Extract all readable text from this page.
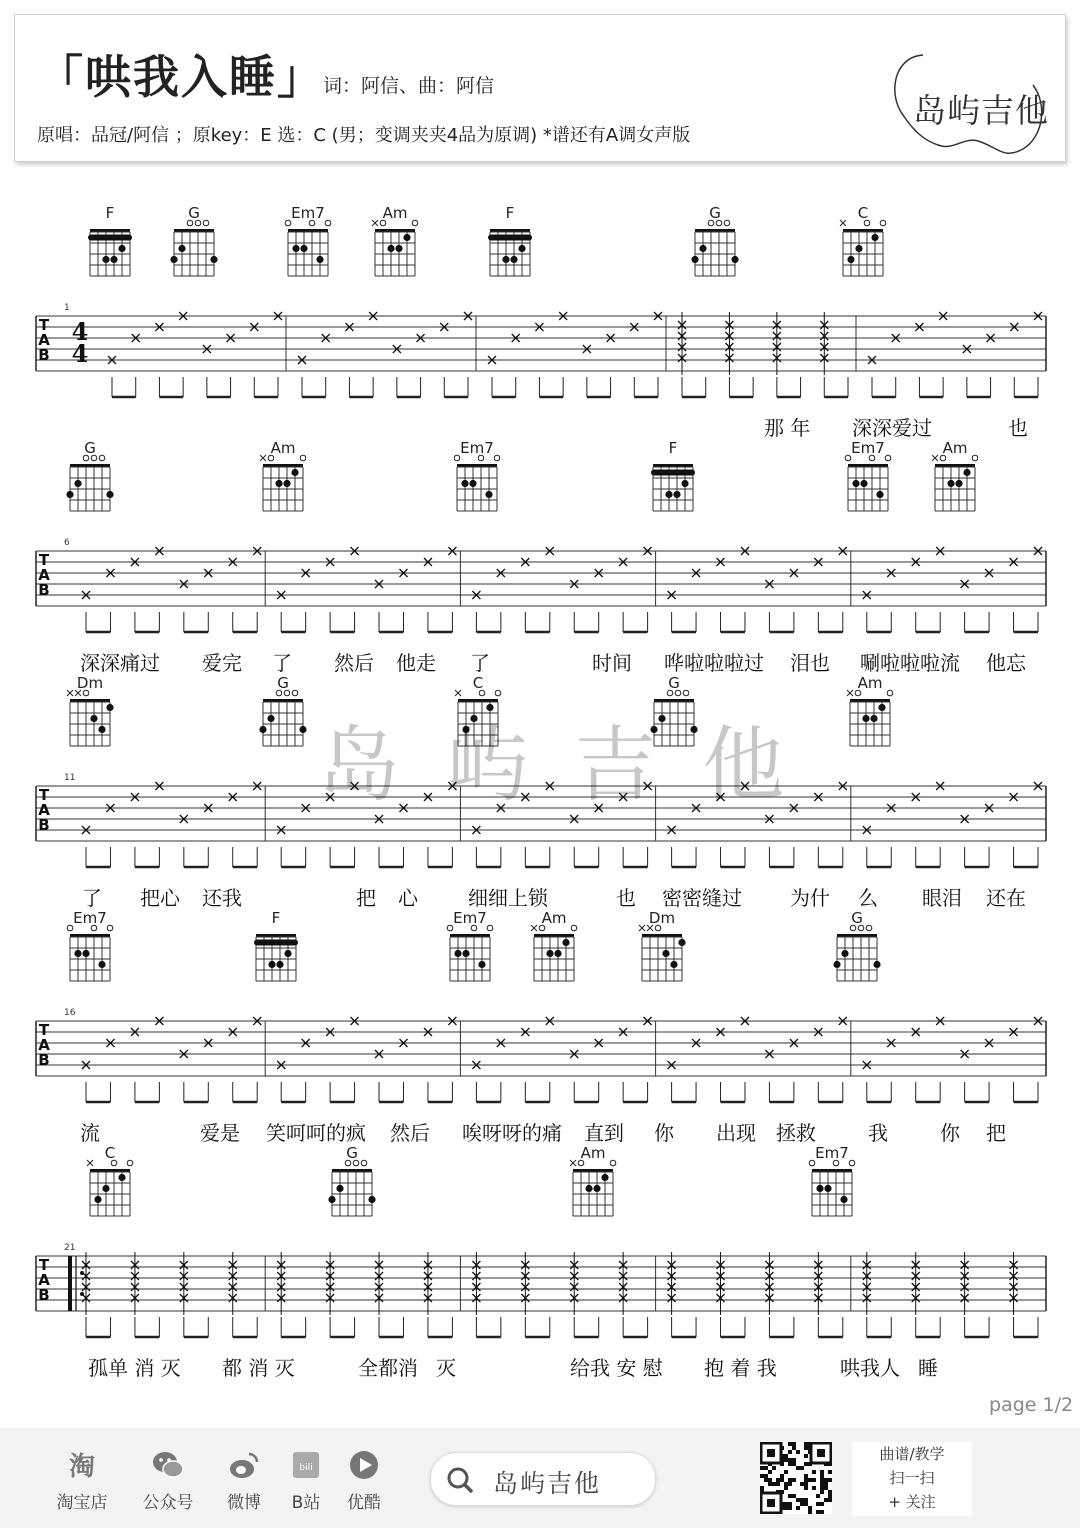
「哄我入睡」
词：阿信、曲：阿信
原唱：品冠/阿信 ；原key：E 选：C (男；变调夹夹4品为原调) *谱还有A调女声版
岛屿吉他
T
A
B
1
4
4
F	G	Em7	Am	F	G	C
T
A
B
6
G	Am	Em7	F	Em7	Am
T
A
B
11
Dm	G	C	G	Am
T
A
B
16
Em7	F	Em7	Am	Dm	G
T
A
B
21
C	G	Am	Em7
那 年 深深爱过	也
深深痛过 爱完 了 然后 他走 了	时间 哗啦啦啦过 泪也 唰啦啦啦流 他忘
了 把心 还我	把 心	细细上锁	也 密密缝过 为什 么 眼泪 还在
流	爱是 笑呵呵的疯 然后 唉呀呀的痛 直到 你 出现 拯救	我	你 把
孤单 消 灭 都 消 灭	全都消 灭	给我 安 慰 抱 着 我	哄我人 睡
岛 屿 吉 他
page 1/2
淘
淘宝店 公众号	微博
bili
B站	优酷
岛屿吉他
曲谱/教学
扫一扫
+ 关注
